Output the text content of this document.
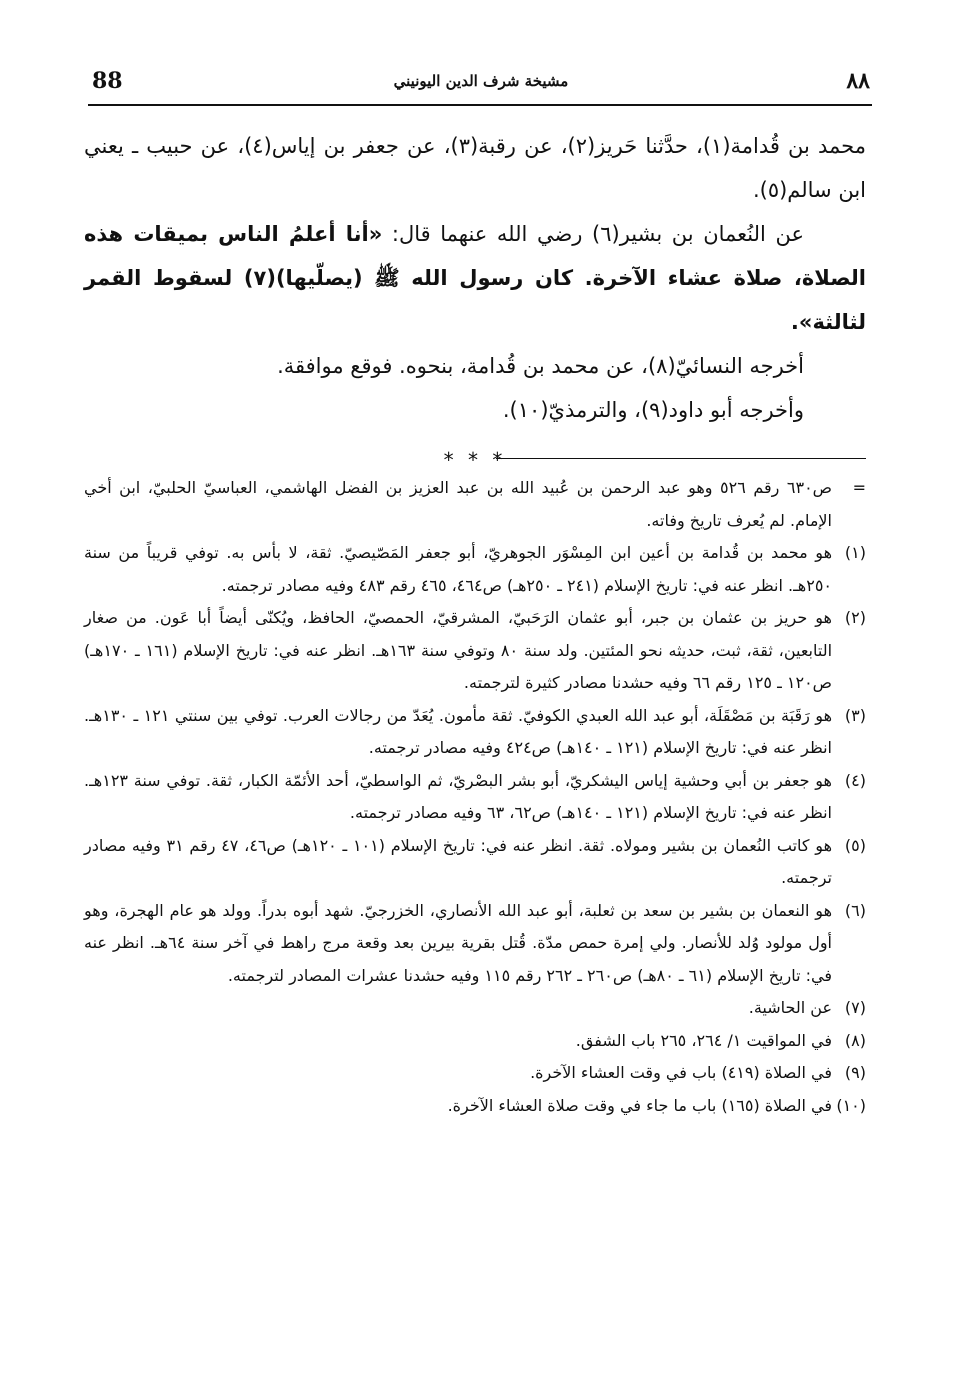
88	مشيخة شرف الدين اليونيني	٨٨

محمد بن قُدامة(١)، حدَّثنا حَريز(٢)، عن رقبة(٣)، عن جعفر بن إياس(٤)، عن حبيب ـ يعني ابن سالم(٥).

عن النُعمان بن بشير(٦) رضي الله عنهما قال: «أنا أعلمُ الناس بميقات هذه الصلاة، صلاة عشاء الآخرة. كان رسول الله ﷺ (يصلّيها)(٧) لسقوط القمر لثالثة».

أخرجه النسائيّ(٨)، عن محمد بن قُدامة، بنحوه. فوقع موافقة.

وأخرجه أبو داود(٩)، والترمذيّ(١٠).

* * *

=ص٦٣٠ رقم ٥٢٦ وهو عبد الرحمن بن عُبيد الله بن عبد العزيز بن الفضل الهاشمي، العباسيّ الحلبيّ، ابن أخي الإمام. لم يُعرف تاريخ وفاته.

(١)هو محمد بن قُدامة بن أعين ابن المِسْوَر الجوهريّ، أبو جعفر المَصّيصيّ. ثقة، لا بأس به. توفي قريباً من سنة ٢٥٠هـ. انظر عنه في: تاريخ الإسلام (٢٤١ ـ ٢٥٠هـ) ص٤٦٤، ٤٦٥ رقم ٤٨٣ وفيه مصادر ترجمته.

(٢)هو حريز بن عثمان بن جبر، أبو عثمان الرَحَبيّ، المشرقيّ، الحمصيّ، الحافظ، ويُكنّى أيضاً أبا عَون. من صغار التابعين، ثقة، ثبت، حديثه نحو المئتين. ولد سنة ٨٠ وتوفي سنة ١٦٣هـ. انظر عنه في: تاريخ الإسلام (١٦١ ـ ١٧٠هـ) ص١٢٠ ـ ١٢٥ رقم ٦٦ وفيه حشدنا مصادر كثيرة لترجمته.

(٣)هو رَقَبَة بن مَصْقَلَة، أبو عبد الله العبدي الكوفيّ. ثقة مأمون. يُعَدّ من رجالات العرب. توفي بين سنتي ١٢١ ـ ١٣٠هـ. انظر عنه في: تاريخ الإسلام (١٢١ ـ ١٤٠هـ) ص٤٢٤ وفيه مصادر ترجمته.

(٤)هو جعفر بن أبي وحشية إياس اليشكريّ، أبو بشر البصْريّ، ثم الواسطيّ، أحد الأئمّة الكبار، ثقة. توفي سنة ١٢٣هـ. انظر عنه في: تاريخ الإسلام (١٢١ ـ ١٤٠هـ) ص٦٢، ٦٣ وفيه مصادر ترجمته.

(٥)هو كاتب النُعمان بن بشير ومولاه. ثقة. انظر عنه في: تاريخ الإسلام (١٠١ ـ ١٢٠هـ) ص٤٦، ٤٧ رقم ٣١ وفيه مصادر ترجمته.

(٦)هو النعمان بن بشير بن سعد بن ثعلبة، أبو عبد الله الأنصاري، الخزرجيّ. شهد أبوه بدراً. وولد هو عام الهجرة، وهو أول مولود وُلد للأنصار. ولي إمرة حمص مدّة. قُتل بقرية بيرين بعد وقعة مرج راهط في آخر سنة ٦٤هـ. انظر عنه في: تاريخ الإسلام (٦١ ـ ٨٠هـ) ص٢٦٠ ـ ٢٦٢ رقم ١١٥ وفيه حشدنا عشرات المصادر لترجمته.

(٧)عن الحاشية.

(٨)في المواقيت ١/ ٢٦٤، ٢٦٥ باب الشفق.

(٩)في الصلاة (٤١٩) باب في وقت العشاء الآخرة.

(١٠)في الصلاة (١٦٥) باب ما جاء في وقت صلاة العشاء الآخرة.
